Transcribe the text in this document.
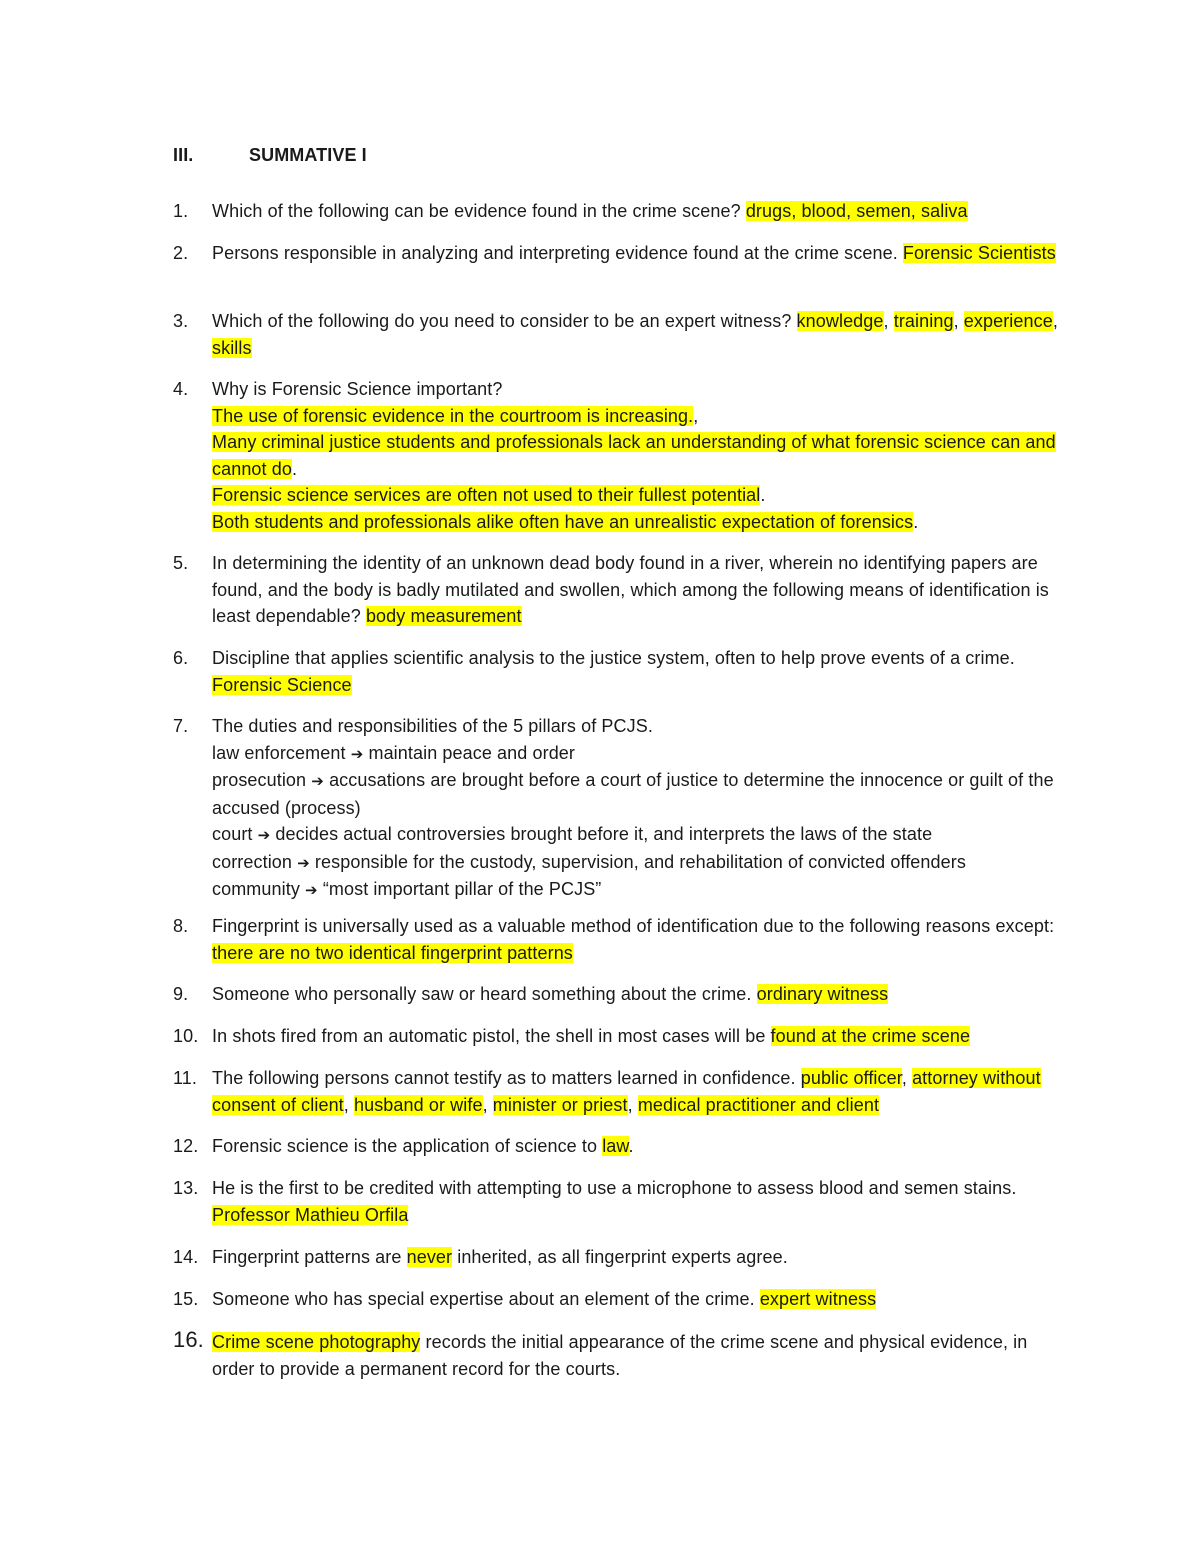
III.	SUMMATIVE I
1.	Which of the following can be evidence found in the crime scene? drugs, blood, semen, saliva
2.	Persons responsible in analyzing and interpreting evidence found at the crime scene. Forensic Scientists
3.	Which of the following do you need to consider to be an expert witness? knowledge, training, experience, skills
4.	Why is Forensic Science important?
The use of forensic evidence in the courtroom is increasing.,
Many criminal justice students and professionals lack an understanding of what forensic science can and cannot do.
Forensic science services are often not used to their fullest potential.
Both students and professionals alike often have an unrealistic expectation of forensics.
5.	In determining the identity of an unknown dead body found in a river, wherein no identifying papers are found, and the body is badly mutilated and swollen, which among the following means of identification is least dependable? body measurement
6.	Discipline that applies scientific analysis to the justice system, often to help prove events of a crime. Forensic Science
7.	The duties and responsibilities of the 5 pillars of PCJS.
law enforcement ➔ maintain peace and order
prosecution ➔ accusations are brought before a court of justice to determine the innocence or guilt of the accused (process)
court ➔ decides actual controversies brought before it, and interprets the laws of the state
correction ➔ responsible for the custody, supervision, and rehabilitation of convicted offenders
community ➔ “most important pillar of the PCJS”
8.	Fingerprint is universally used as a valuable method of identification due to the following reasons except: there are no two identical fingerprint patterns
9.	Someone who personally saw or heard something about the crime. ordinary witness
10. In shots fired from an automatic pistol, the shell in most cases will be found at the crime scene
11. The following persons cannot testify as to matters learned in confidence. public officer, attorney without consent of client, husband or wife, minister or priest, medical practitioner and client
12. Forensic science is the application of science to law.
13. He is the first to be credited with attempting to use a microphone to assess blood and semen stains. Professor Mathieu Orfila
14. Fingerprint patterns are never inherited, as all fingerprint experts agree.
15. Someone who has special expertise about an element of the crime. expert witness
16. Crime scene photography records the initial appearance of the crime scene and physical evidence, in order to provide a permanent record for the courts.
